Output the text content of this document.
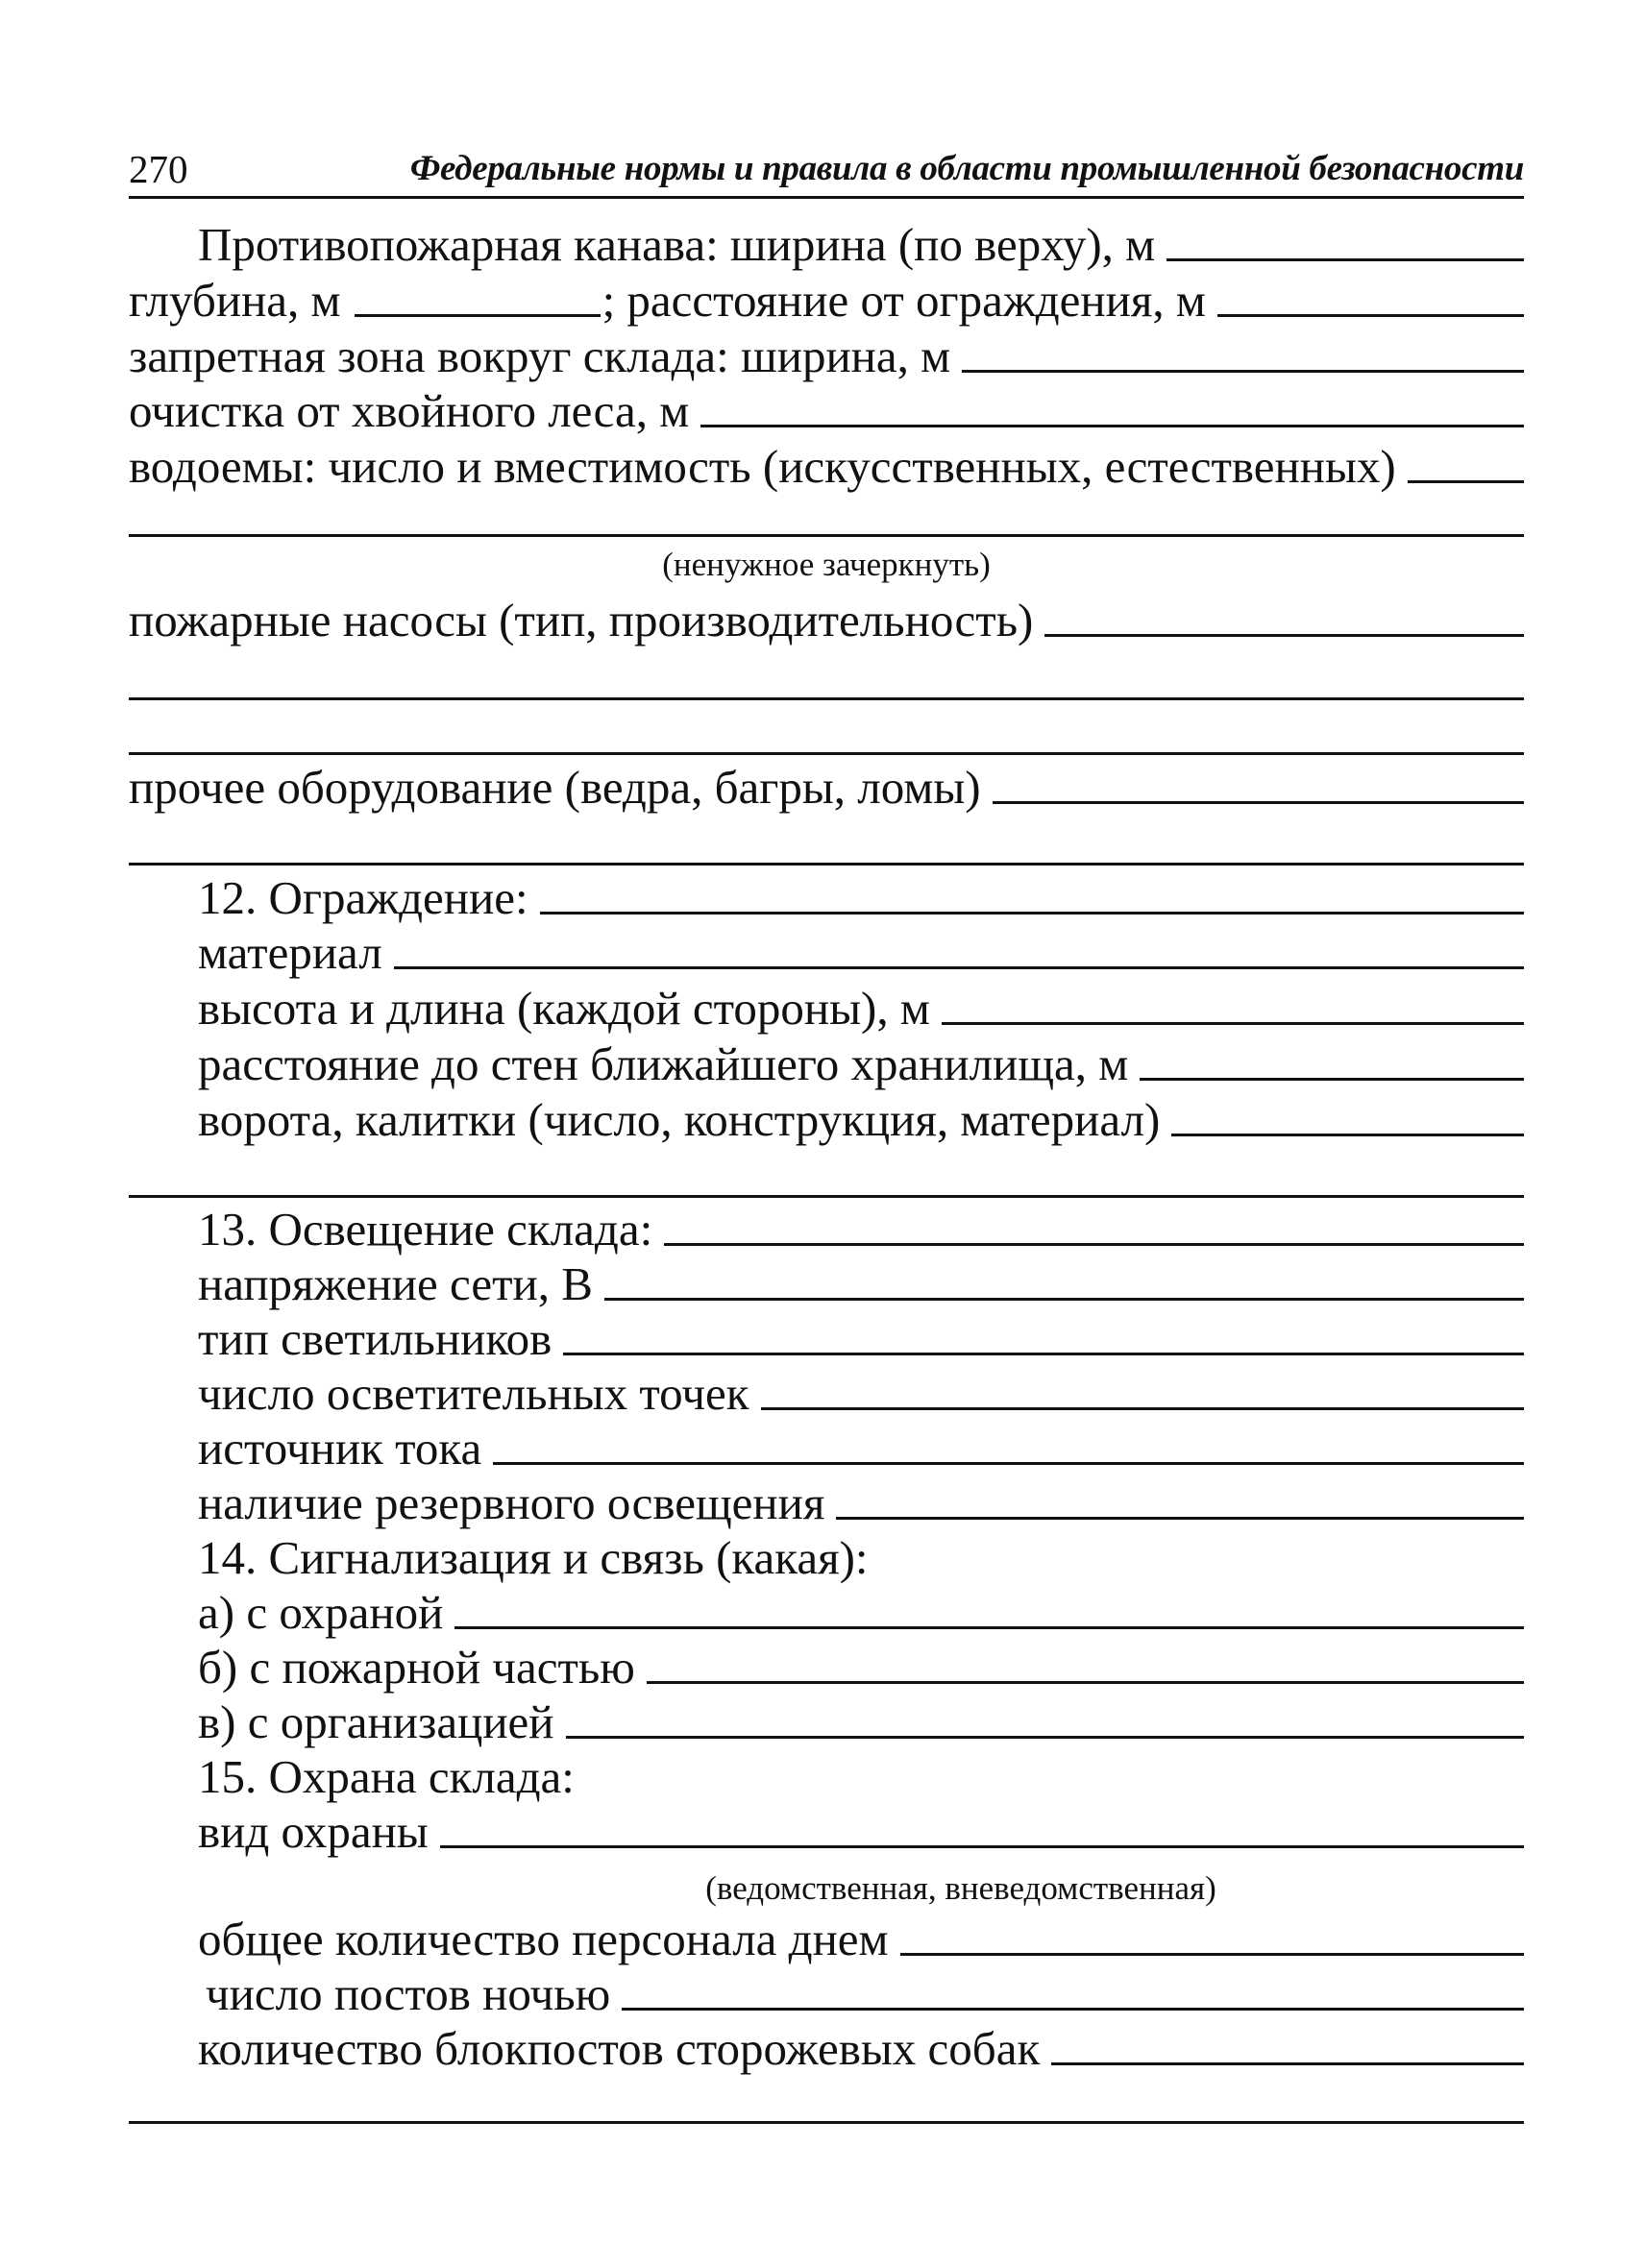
270	Федеральные нормы и правила в области промышленной безопасности
Противопожарная канава: ширина (по верху), м
глубина, м	; расстояние от ограждения, м
запретная зона вокруг склада: ширина, м
очистка от хвойного леса, м
водоемы: число и вместимость (искусственных, естественных)
(ненужное зачеркнуть)
пожарные насосы (тип, производительность)
прочее оборудование (ведра, багры, ломы)
12. Ограждение:
материал
высота и длина (каждой стороны), м
расстояние до стен ближайшего хранилища, м
ворота, калитки (число, конструкция, материал)
13. Освещение склада:
напряжение сети, В
тип светильников
число осветительных точек
источник тока
наличие резервного освещения
14. Сигнализация и связь (какая):
а) с охраной
б) с пожарной частью
в) с организацией
15. Охрана склада:
вид охраны
(ведомственная, вневедомственная)
общее количество персонала днем
число постов ночью
количество блокпостов сторожевых собак
